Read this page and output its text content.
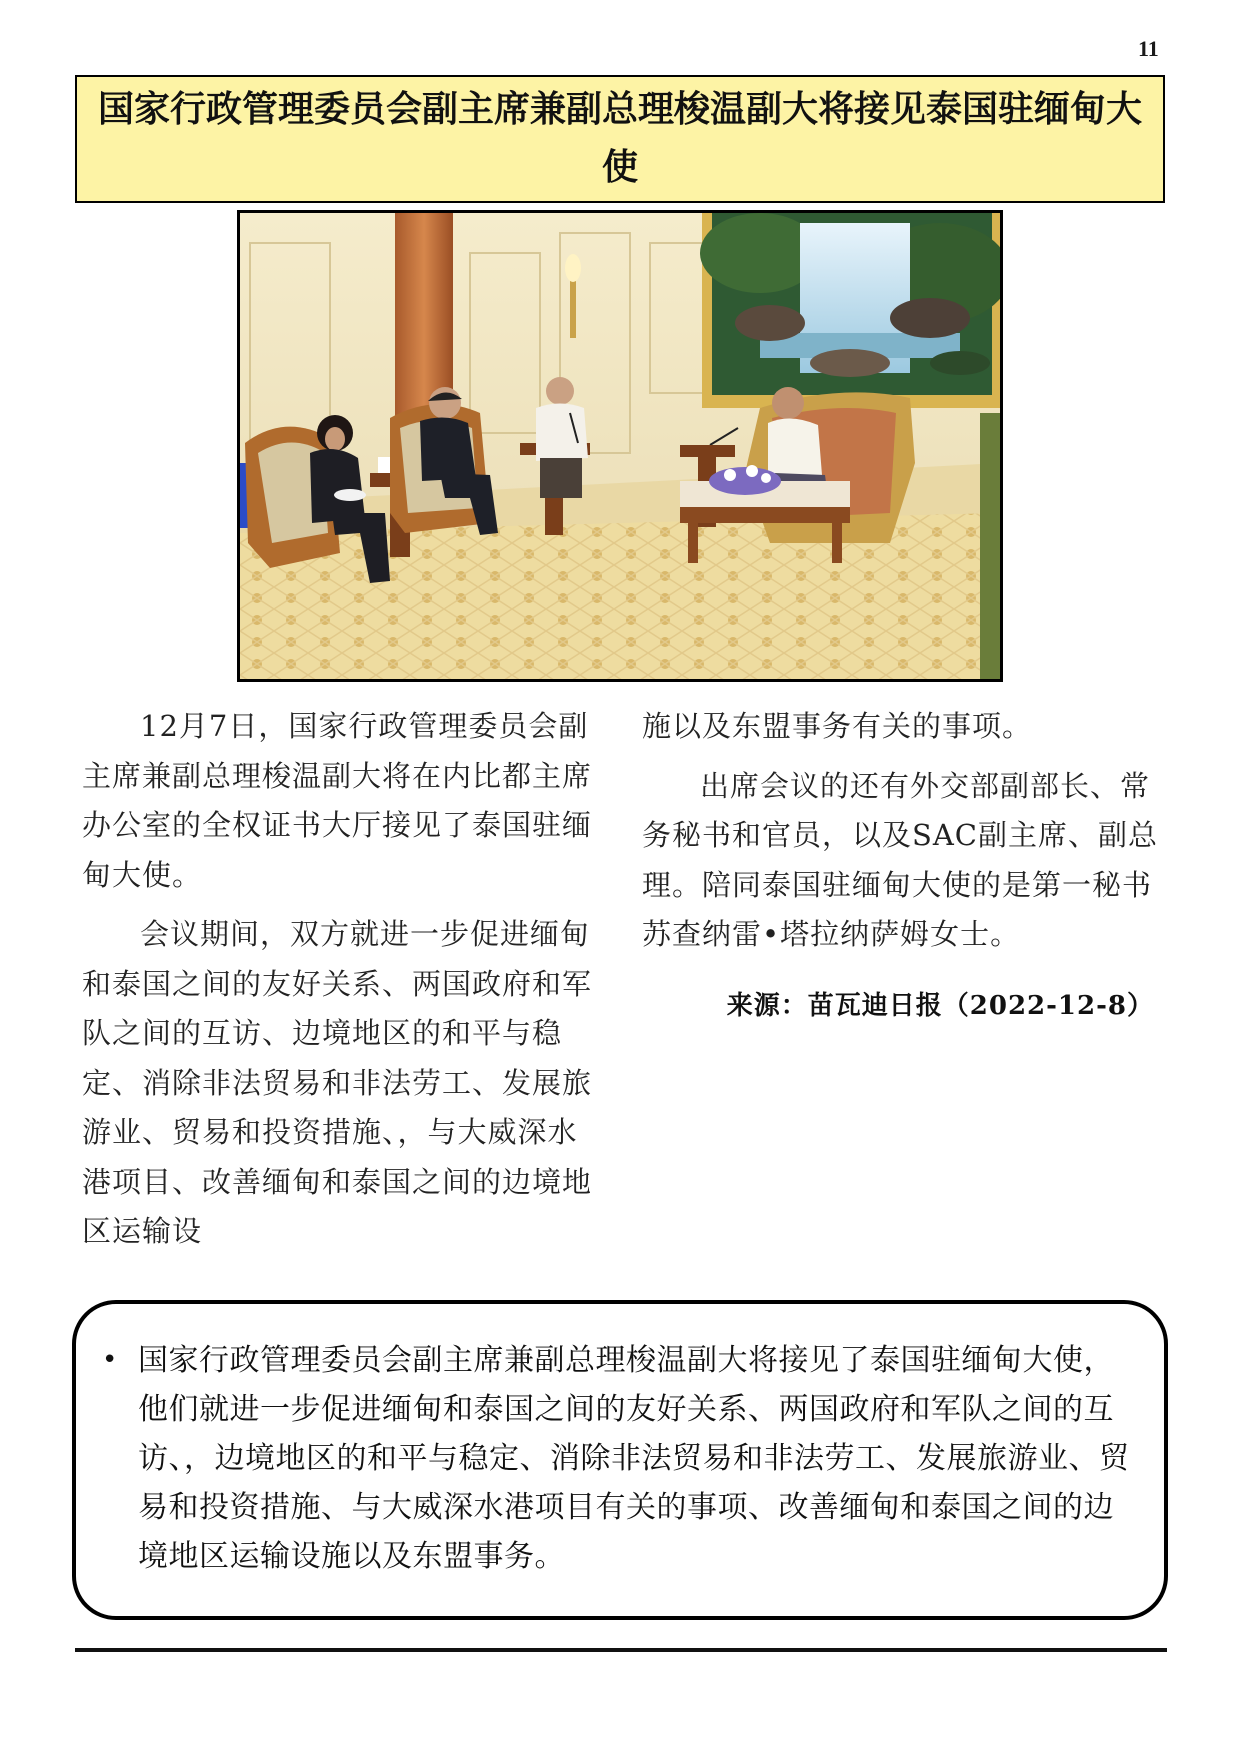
11
国家行政管理委员会副主席兼副总理梭温副大将接见泰国驻缅甸大使

12月7日，国家行政管理委员会副主席兼副总理梭温副大将在内比都主席办公室的全权证书大厅接见了泰国驻缅甸大使。

会议期间，双方就进一步促进缅甸和泰国之间的友好关系、两国政府和军队之间的互访、边境地区的和平与稳定、消除非法贸易和非法劳工、发展旅游业、贸易和投资措施、，与大威深水港项目、改善缅甸和泰国之间的边境地区运输设

施以及东盟事务有关的事项。

出席会议的还有外交部副部长、常务秘书和官员，以及SAC副主席、副总理。陪同泰国驻缅甸大使的是第一秘书苏查纳雷•塔拉纳萨姆女士。

来源：苗瓦迪日报（2022-12-8）
• 国家行政管理委员会副主席兼副总理梭温副大将接见了泰国驻缅甸大使，他们就进一步促进缅甸和泰国之间的友好关系、两国政府和军队之间的互访、，边境地区的和平与稳定、消除非法贸易和非法劳工、发展旅游业、贸易和投资措施、与大威深水港项目有关的事项、改善缅甸和泰国之间的边境地区运输设施以及东盟事务。
